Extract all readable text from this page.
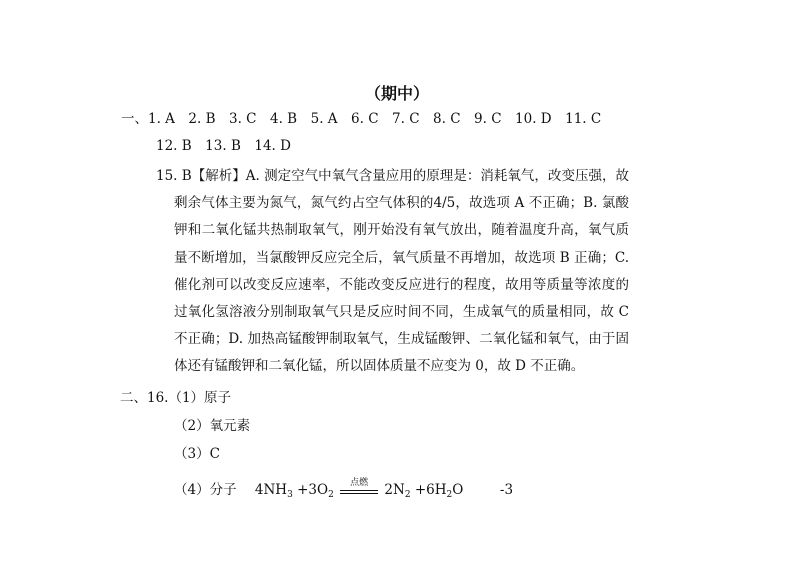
（期中）
一、1. A　2. B　3. C　4. B　5. A　6. C　7. C　8. C　9. C　10. D　11. C
12. B　13. B　14. D
15. B【解析】A. 测定空气中氧气含量应用的原理是：消耗氧气，改变压强，故剩余气体主要为氮气，氮气约占空气体积的4/5，故选项 A 不正确；B. 氯酸钾和二氧化锰共热制取氧气，刚开始没有氧气放出，随着温度升高，氧气质量不断增加，当氯酸钾反应完全后，氧气质量不再增加，故选项 B 正确；C. 催化剂可以改变反应速率，不能改变反应进行的程度，故用等质量等浓度的过氧化氢溶液分别制取氧气只是反应时间不同，生成氧气的质量相同，故 C 不正确；D. 加热高锰酸钾制取氧气，生成锰酸钾、二氧化锰和氧气，由于固体还有锰酸钾和二氧化锰，所以固体质量不应变为 0，故 D 不正确。
二、16.（1）原子
（2）氧元素
（3）C
（4）分子 $4NH_3 +3O_2$
点燃	$2N_2 +6H_2O$	-3
